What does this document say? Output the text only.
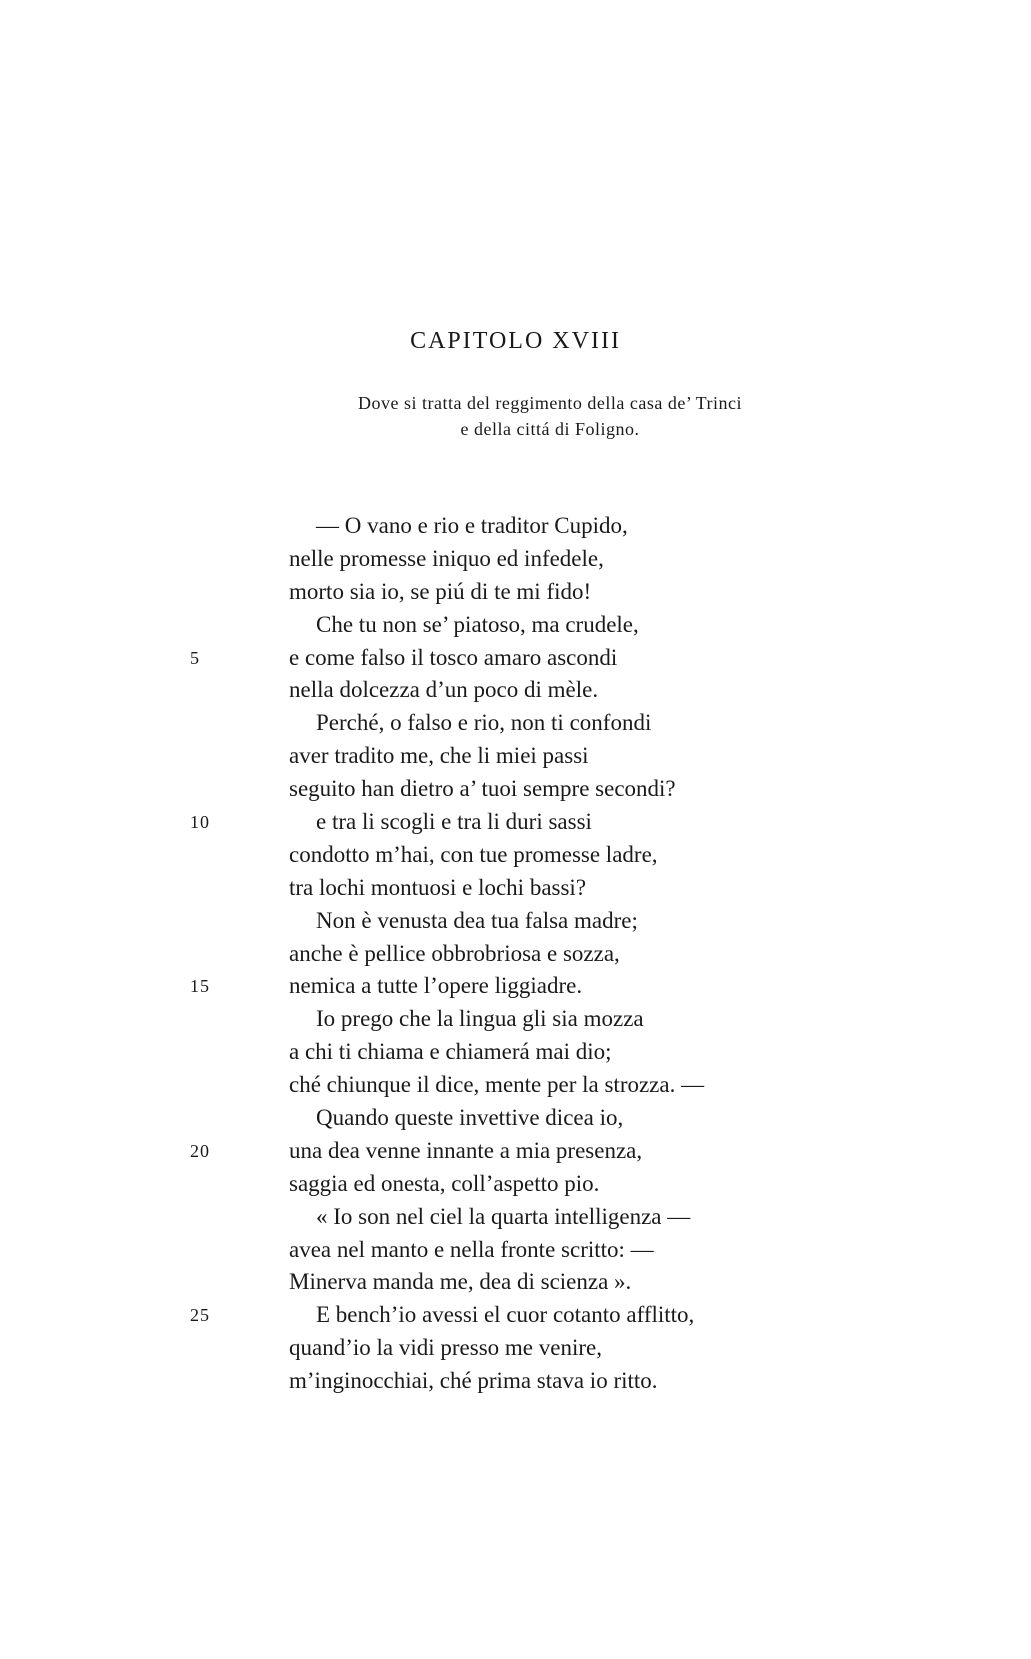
CAPITOLO XVIII
Dove si tratta del reggimento della casa de’ Trinci
e della cittá di Foligno.
— O vano e rio e traditor Cupido,
nelle promesse iniquo ed infedele,
morto sia io, se piú di te mi fido!
Che tu non se’ piatoso, ma crudele,
5	e come falso il tosco amaro ascondi
nella dolcezza d’un poco di mèle.
Perché, o falso e rio, non ti confondi
aver tradito me, che li miei passi
seguito han dietro a’ tuoi sempre secondi?
10	e tra li scogli e tra li duri sassi
condotto m’hai, con tue promesse ladre,
tra lochi montuosi e lochi bassi?
Non è venusta dea tua falsa madre;
anche è pellice obbrobriosa e sozza,
15	nemica a tutte l’opere liggiadre.
Io prego che la lingua gli sia mozza
a chi ti chiama e chiamerá mai dio;
ché chiunque il dice, mente per la strozza. —
Quando queste invettive dicea io,
20	una dea venne innante a mia presenza,
saggia ed onesta, coll’aspetto pio.
« Io son nel ciel la quarta intelligenza —
avea nel manto e nella fronte scritto: —
Minerva manda me, dea di scienza ».
25	E bench’io avessi el cuor cotanto afflitto,
quand’io la vidi presso me venire,
m’inginocchiai, ché prima stava io ritto.
